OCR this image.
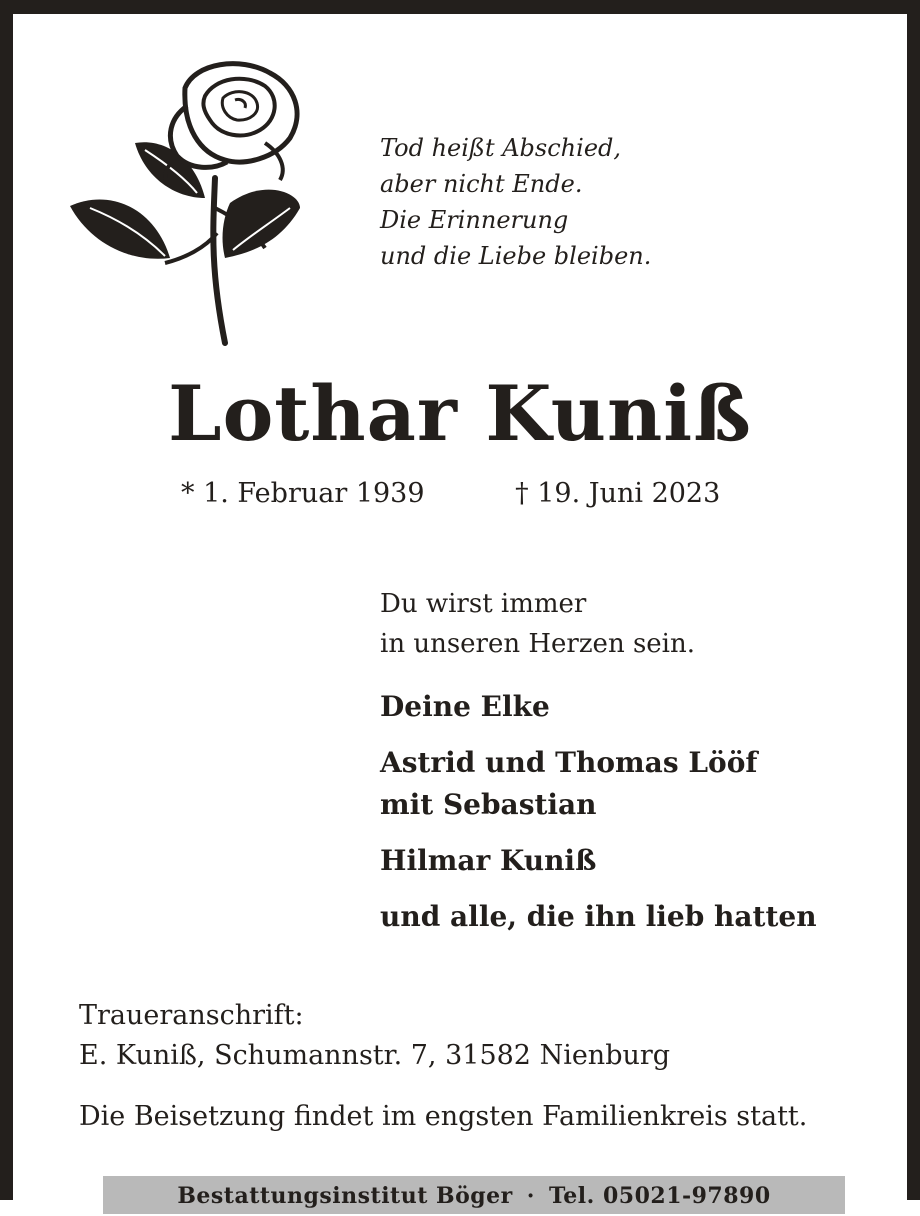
Tod heißt Abschied,
aber nicht Ende.
Die Erinnerung
und die Liebe bleiben.
Lothar Kuniß
* 1. Februar 1939	† 19. Juni 2023
Du wirst immer
in unseren Herzen sein.
Deine Elke
Astrid und Thomas Lööf
mit Sebastian
Hilmar Kuniß
und alle, die ihn lieb hatten
Traueranschrift:
E. Kuniß, Schumannstr. 7, 31582 Nienburg
Die Beisetzung findet im engsten Familienkreis statt.
Bestattungsinstitut Böger · Tel. 05021-97890
